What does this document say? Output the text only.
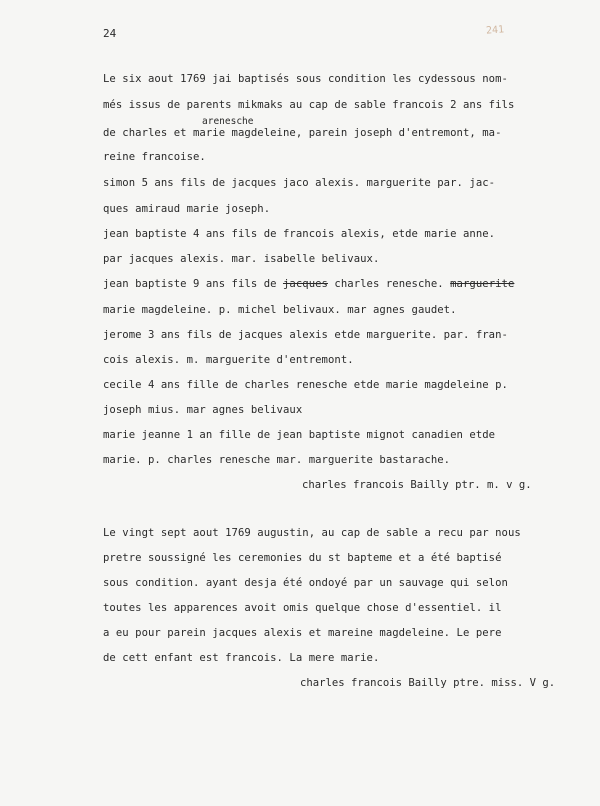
24	241
Le six aout 1769 jai baptisés sous condition les cydessous nom-
més issus de parents mikmaks au cap de sable francois 2 ans fils
arenesche
de charles et marie magdeleine, parein joseph d'entremont, ma-
reine francoise.
simon 5 ans fils de jacques jaco alexis. marguerite par. jac-
ques amiraud marie joseph.
jean baptiste 4 ans fils de francois alexis, etde marie anne.
par jacques alexis. mar. isabelle belivaux.
jean baptiste 9 ans fils de jacques charles renesche. marguerite
marie magdeleine. p. michel belivaux. mar agnes gaudet.
jerome 3 ans fils de jacques alexis etde marguerite. par. fran-
cois alexis. m. marguerite d'entremont.
cecile 4 ans fille de charles renesche etde marie magdeleine p.
joseph mius. mar agnes belivaux
marie jeanne 1 an fille de jean baptiste mignot canadien etde
marie. p. charles renesche mar. marguerite bastarache.
charles francois Bailly ptr. m. v g.
Le vingt sept aout 1769 augustin, au cap de sable a recu par nous
pretre soussigné les ceremonies du st bapteme et a été baptisé
sous condition. ayant desja été ondoyé par un sauvage qui selon
toutes les apparences avoit omis quelque chose d'essentiel. il
a eu pour parein jacques alexis et mareine magdeleine. Le pere
de cett enfant est francois. La mere marie.
charles francois Bailly ptre. miss. V g.
